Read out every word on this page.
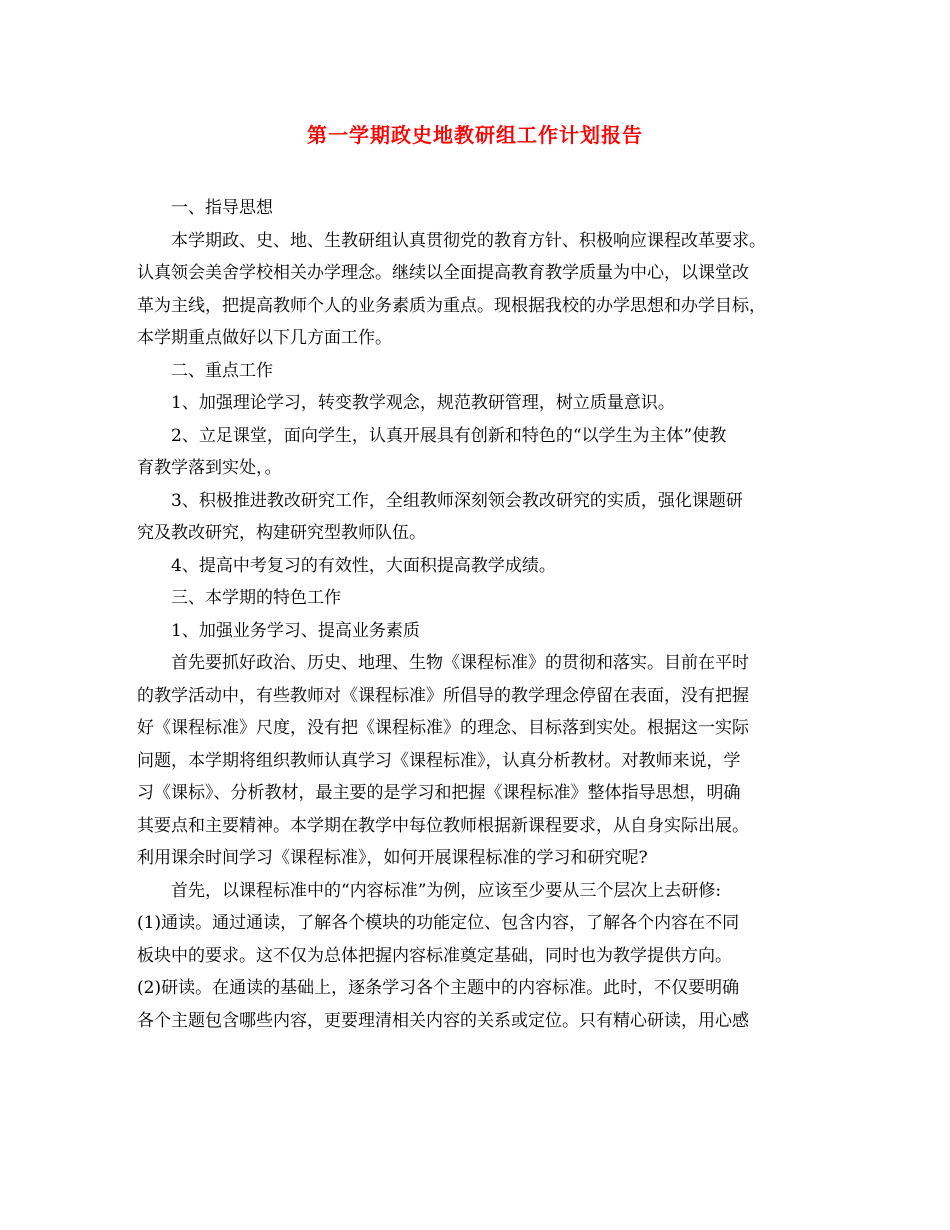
第一学期政史地教研组工作计划报告

一、指导思想

本学期政、史、地、生教研组认真贯彻党的教育方针、积极响应课程改革要求。

认真领会美舍学校相关办学理念。继续以全面提高教育教学质量为中心，以课堂改

革为主线，把提高教师个人的业务素质为重点。现根据我校的办学思想和办学目标，

本学期重点做好以下几方面工作。

二、重点工作

1、加强理论学习，转变教学观念，规范教研管理，树立质量意识。

2、立足课堂，面向学生，认真开展具有创新和特色的“以学生为主体”使教

育教学落到实处，。

3、积极推进教改研究工作，全组教师深刻领会教改研究的实质，强化课题研

究及教改研究，构建研究型教师队伍。

4、提高中考复习的有效性，大面积提高教学成绩。

三、本学期的特色工作

1、加强业务学习、提高业务素质

首先要抓好政治、历史、地理、生物《课程标准》的贯彻和落实。目前在平时

的教学活动中，有些教师对《课程标准》所倡导的教学理念停留在表面，没有把握

好《课程标准》尺度，没有把《课程标准》的理念、目标落到实处。根据这一实际

问题，本学期将组织教师认真学习《课程标准》，认真分析教材。对教师来说，学

习《课标》、分析教材，最主要的是学习和把握《课程标准》整体指导思想，明确

其要点和主要精神。本学期在教学中每位教师根据新课程要求，从自身实际出展。

利用课余时间学习《课程标准》，如何开展课程标准的学习和研究呢?

首先，以课程标准中的“内容标准”为例，应该至少要从三个层次上去研修:

(1)通读。通过通读，了解各个模块的功能定位、包含内容，了解各个内容在不同

板块中的要求。这不仅为总体把握内容标准奠定基础，同时也为教学提供方向。

(2)研读。在通读的基础上，逐条学习各个主题中的内容标准。此时，不仅要明确

各个主题包含哪些内容，更要理清相关内容的关系或定位。只有精心研读，用心感
